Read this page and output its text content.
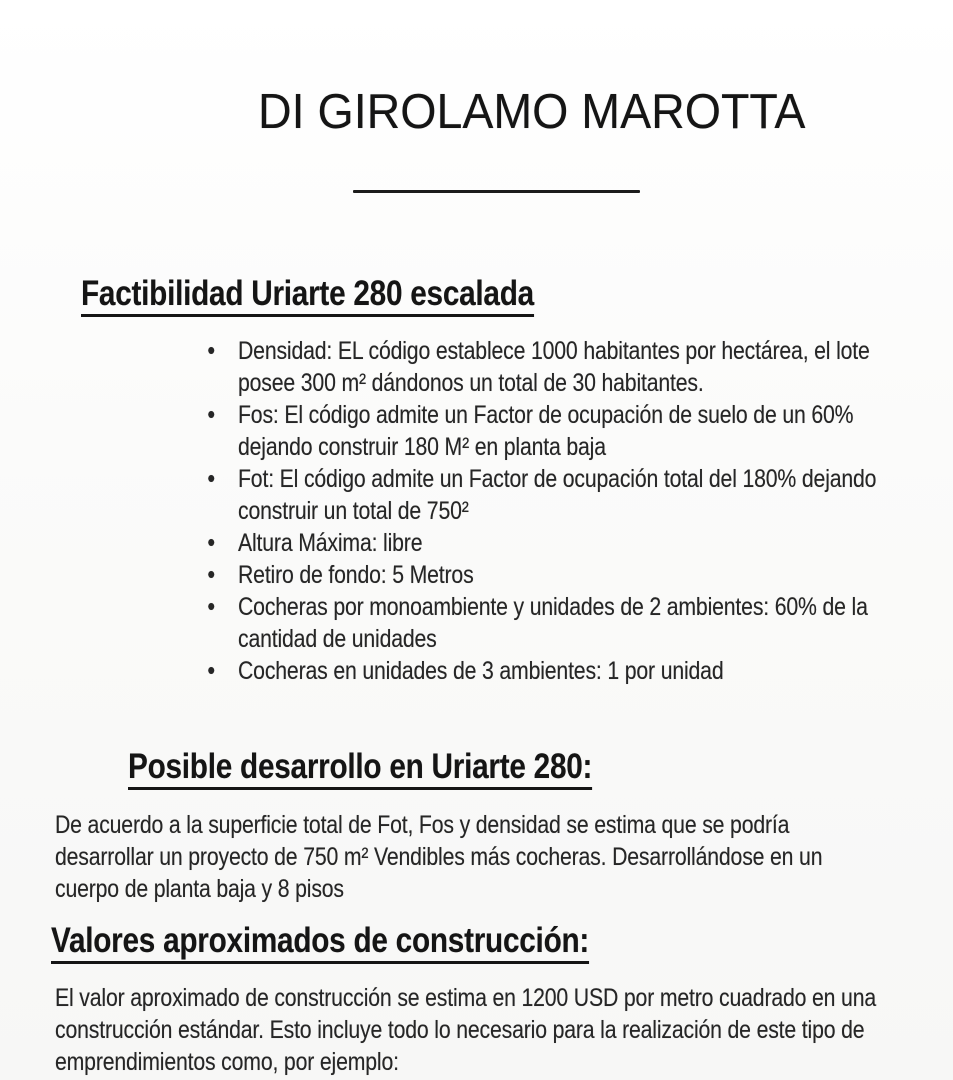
DI GIROLAMO MAROTTA
Factibilidad Uriarte 280 escalada
• Densidad: EL código establece 1000 habitantes por hectárea, el lote posee 300 m² dándonos un total de 30 habitantes.
• Fos: El código admite un Factor de ocupación de suelo de un 60% dejando construir 180 M² en planta baja
• Fot: El código admite un Factor de ocupación total del 180% dejando construir un total de 750²
• Altura Máxima: libre
• Retiro de fondo: 5 Metros
• Cocheras por monoambiente y unidades de 2 ambientes: 60% de la cantidad de unidades
• Cocheras en unidades de 3 ambientes: 1 por unidad
Posible desarrollo en Uriarte 280:

De acuerdo a la superficie total de Fot, Fos y densidad se estima que se podría desarrollar un proyecto de 750 m² Vendibles más cocheras. Desarrollándose en un cuerpo de planta baja y 8 pisos

Valores aproximados de construcción:

El valor aproximado de construcción se estima en 1200 USD por metro cuadrado en una construcción estándar. Esto incluye todo lo necesario para la realización de este tipo de emprendimientos como, por ejemplo:
